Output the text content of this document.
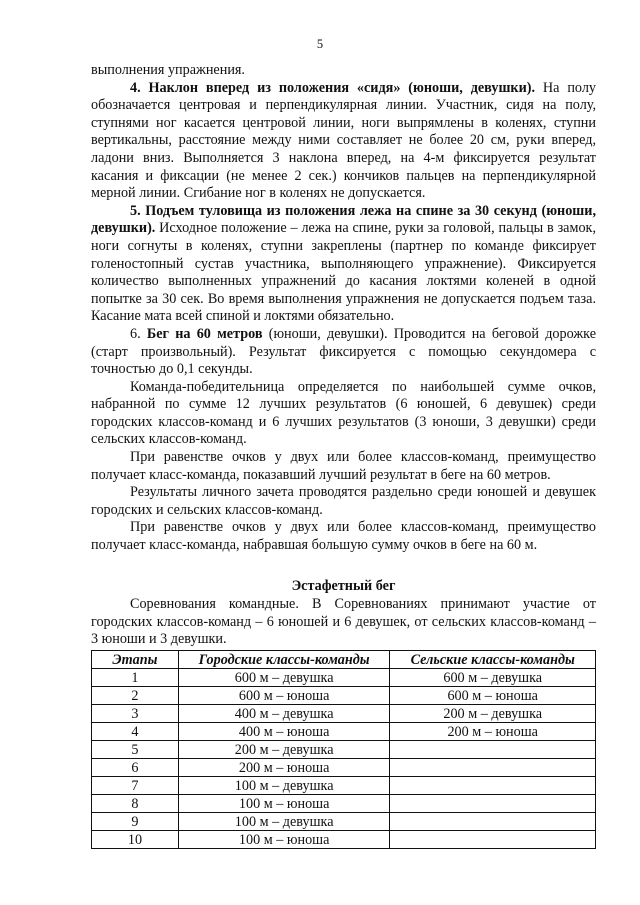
5

выполнения упражнения.

4. Наклон вперед из положения «сидя» (юноши, девушки). На полу обозначается центровая и перпендикулярная линии. Участник, сидя на полу, ступнями ног касается центровой линии, ноги выпрямлены в коленях, ступни вертикальны, расстояние между ними составляет не более 20 см, руки вперед, ладони вниз. Выполняется 3 наклона вперед, на 4-м фиксируется результат касания и фиксации (не менее 2 сек.) кончиков пальцев на перпендикулярной мерной линии. Сгибание ног в коленях не допускается.

5. Подъем туловища из положения лежа на спине за 30 секунд (юноши, девушки). Исходное положение – лежа на спине, руки за головой, пальцы в замок, ноги согнуты в коленях, ступни закреплены (партнер по команде фиксирует голеностопный сустав участника, выполняющего упражнение). Фиксируется количество выполненных упражнений до касания локтями коленей в одной попытке за 30 сек. Во время выполнения упражнения не допускается подъем таза. Касание мата всей спиной и локтями обязательно.

6. Бег на 60 метров (юноши, девушки). Проводится на беговой дорожке (старт произвольный). Результат фиксируется с помощью секундомера с точностью до 0,1 секунды.

Команда-победительница определяется по наибольшей сумме очков, набранной по сумме 12 лучших результатов (6 юношей, 6 девушек) среди городских классов-команд и 6 лучших результатов (3 юноши, 3 девушки) среди сельских классов-команд.

При равенстве очков у двух или более классов-команд, преимущество получает класс-команда, показавший лучший результат в беге на 60 метров.

Результаты личного зачета проводятся раздельно среди юношей и девушек городских и сельских классов-команд.

При равенстве очков у двух или более классов-команд, преимущество получает класс-команда, набравшая большую сумму очков в беге на 60 м.

Эстафетный бег

Соревнования командные. В Соревнованиях принимают участие от городских классов-команд – 6 юношей и 6 девушек, от сельских классов-команд – 3 юноши и 3 девушки.

Этапы	Городские классы-команды	Сельские классы-команды
1	600 м – девушка	600 м – девушка
2	600 м – юноша	600 м – юноша
3	400 м – девушка	200 м – девушка
4	400 м – юноша	200 м – юноша
5	200 м – девушка	
6	200 м – юноша	
7	100 м – девушка	
8	100 м – юноша	
9	100 м – девушка	
10	100 м – юноша	
